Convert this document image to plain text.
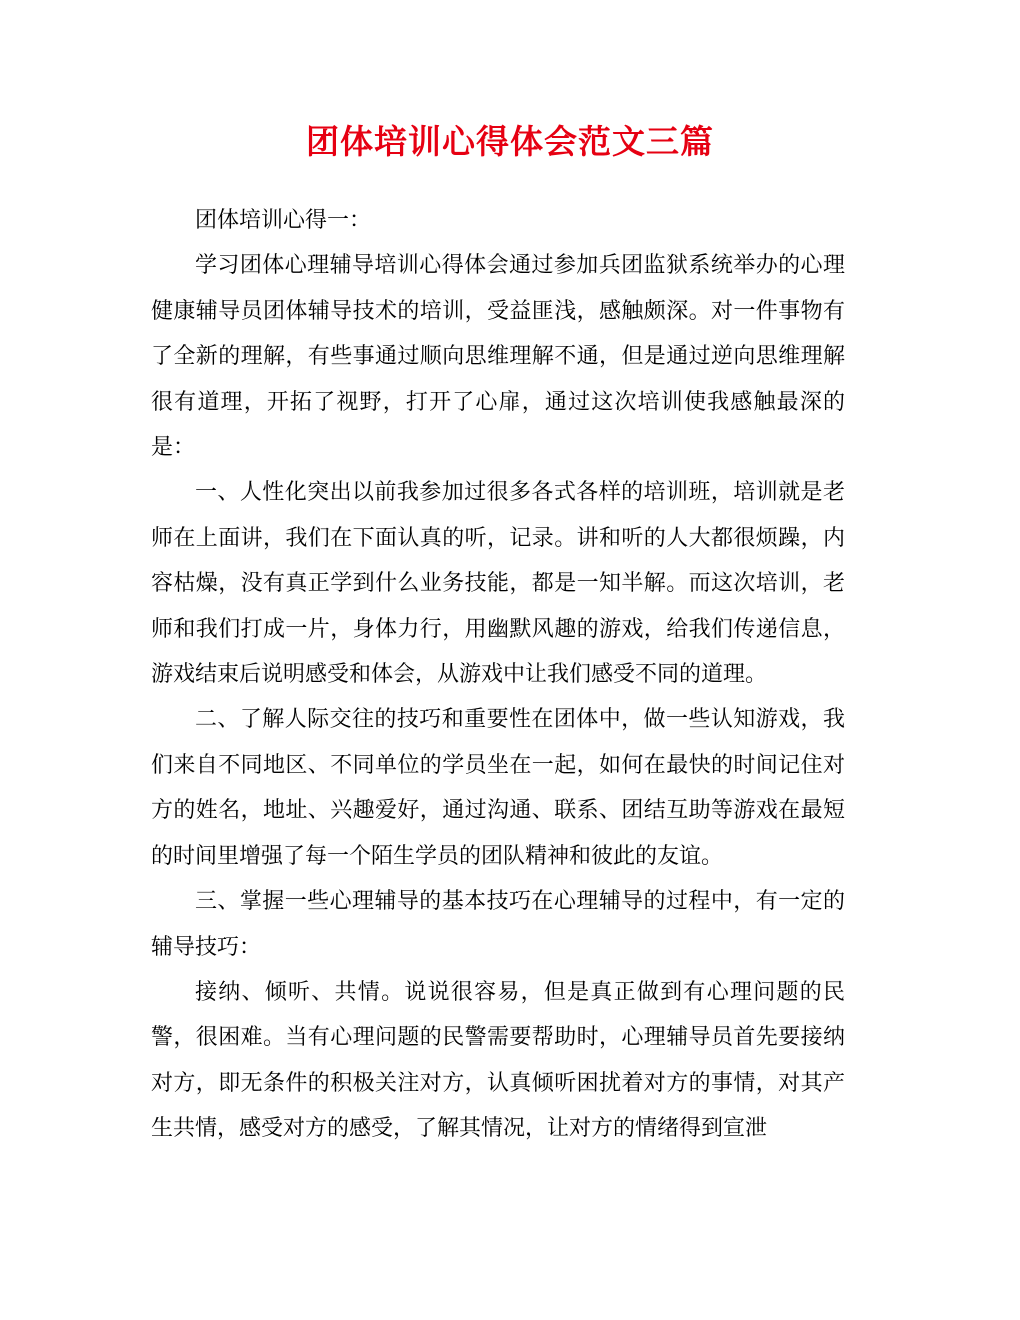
团体培训心得体会范文三篇

团体培训心得一：

学习团体心理辅导培训心得体会通过参加兵团监狱系统举办的心理健康辅导员团体辅导技术的培训，受益匪浅，感触颇深。对一件事物有了全新的理解，有些事通过顺向思维理解不通，但是通过逆向思维理解很有道理，开拓了视野，打开了心扉，通过这次培训使我感触最深的是：

一、人性化突出以前我参加过很多各式各样的培训班，培训就是老师在上面讲，我们在下面认真的听，记录。讲和听的人大都很烦躁，内容枯燥，没有真正学到什么业务技能，都是一知半解。而这次培训，老师和我们打成一片，身体力行，用幽默风趣的游戏，给我们传递信息，游戏结束后说明感受和体会，从游戏中让我们感受不同的道理。

二、了解人际交往的技巧和重要性在团体中，做一些认知游戏，我们来自不同地区、不同单位的学员坐在一起，如何在最快的时间记住对方的姓名，地址、兴趣爱好，通过沟通、联系、团结互助等游戏在最短的时间里增强了每一个陌生学员的团队精神和彼此的友谊。

三、掌握一些心理辅导的基本技巧在心理辅导的过程中，有一定的辅导技巧：

接纳、倾听、共情。说说很容易，但是真正做到有心理问题的民警，很困难。当有心理问题的民警需要帮助时，心理辅导员首先要接纳对方，即无条件的积极关注对方，认真倾听困扰着对方的事情，对其产生共情，感受对方的感受，了解其情况，让对方的情绪得到宣泄
